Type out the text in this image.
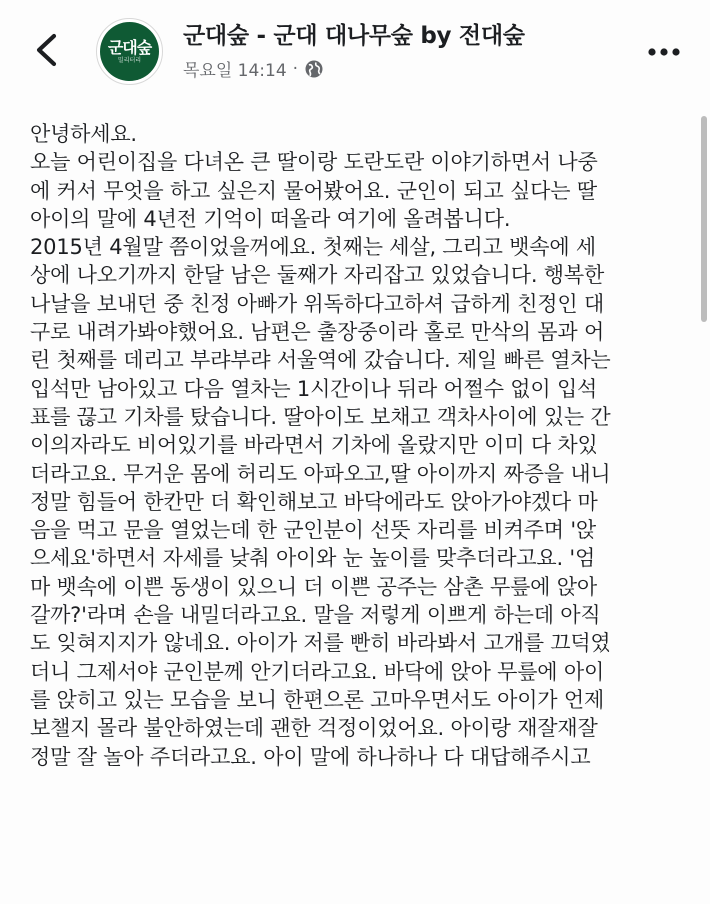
군대숲
밀리터리
군대숲 - 군대 대나무숲 by 전대숲
목요일 14:14 ·
안녕하세요.
오늘 어린이집을 다녀온 큰 딸이랑 도란도란 이야기하면서 나중
에 커서 무엇을 하고 싶은지 물어봤어요. 군인이 되고 싶다는 딸
아이의 말에 4년전 기억이 떠올라 여기에 올려봅니다.
2015년 4월말 쯤이었을꺼에요. 첫째는 세살, 그리고 뱃속에 세
상에 나오기까지 한달 남은 둘째가 자리잡고 있었습니다. 행복한
나날을 보내던 중 친정 아빠가 위독하다고하셔 급하게 친정인 대
구로 내려가봐야했어요. 남편은 출장중이라 홀로 만삭의 몸과 어
린 첫째를 데리고 부랴부랴 서울역에 갔습니다. 제일 빠른 열차는
입석만 남아있고 다음 열차는 1시간이나 뒤라 어쩔수 없이 입석
표를 끊고 기차를 탔습니다. 딸아이도 보채고 객차사이에 있는 간
이의자라도 비어있기를 바라면서 기차에 올랐지만 이미 다 차있
더라고요. 무거운 몸에 허리도 아파오고,딸 아이까지 짜증을 내니
정말 힘들어 한칸만 더 확인해보고 바닥에라도 앉아가야겠다 마
음을 먹고 문을 열었는데 한 군인분이 선뜻 자리를 비켜주며 '앉
으세요'하면서 자세를 낮춰 아이와 눈 높이를 맞추더라고요. '엄
마 뱃속에 이쁜 동생이 있으니 더 이쁜 공주는 삼촌 무릎에 앉아
갈까?'라며 손을 내밀더라고요. 말을 저렇게 이쁘게 하는데 아직
도 잊혀지지가 않네요. 아이가 저를 빤히 바라봐서 고개를 끄덕였
더니 그제서야 군인분께 안기더라고요. 바닥에 앉아 무릎에 아이
를 앉히고 있는 모습을 보니 한편으론 고마우면서도 아이가 언제
보챌지 몰라 불안하였는데 괜한 걱정이었어요. 아이랑 재잘재잘
정말 잘 놀아 주더라고요. 아이 말에 하나하나 다 대답해주시고
